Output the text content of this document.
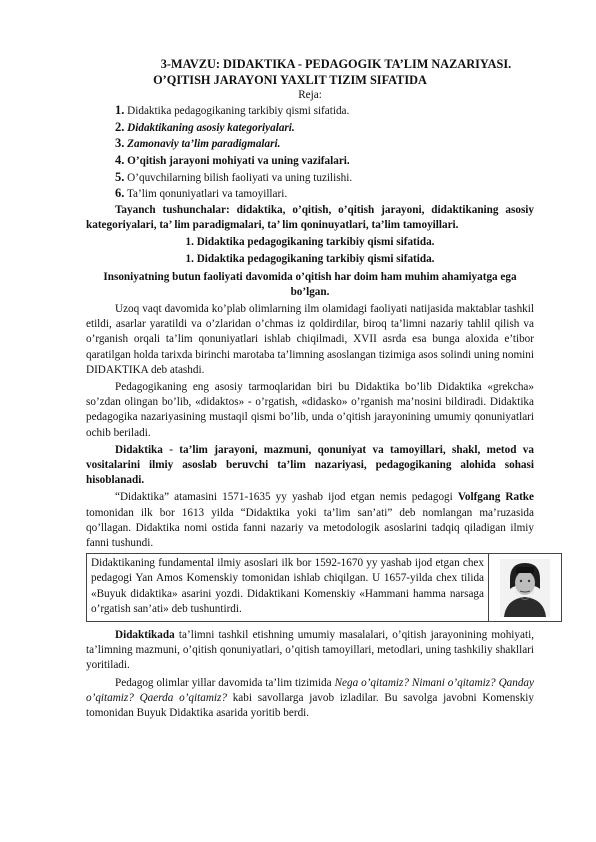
3-MAVZU: DIDAKTIKA - PEDAGOGIK TA’LIM NAZARIYASI.
O’QITISH JARAYONI YAXLIT TIZIM SIFATIDA
Reja:
1. Didaktika pedagogikaning tarkibiy qismi sifatida.
2. Didaktikaning asosiy kategoriyalari.
3. Zamonaviy ta’lim paradigmalari.
4. O’qitish jarayoni mohiyati va uning vazifalari.
5. O’quvchilarning bilish faoliyati va uning tuzilishi.
6. Ta’lim qonuniyatlari va tamoyillari.

Tayanch tushunchalar: didaktika, o’qitish, o’qitish jarayoni, didaktikaning asosiy kategoriyalari, ta’ lim paradigmalari, ta’ lim qoninuyatlari, ta’lim tamoyillari.

1. Didaktika pedagogikaning tarkibiy qismi sifatida.
1. Didaktika pedagogikaning tarkibiy qismi sifatida.
Insoniyatning butun faoliyati davomida o’qitish har doim ham muhim ahamiyatga ega bo’lgan.

Uzoq vaqt davomida ko’plab olimlarning ilm olamidagi faoliyati natijasida maktablar tashkil etildi, asarlar yaratildi va o’zlaridan o’chmas iz qoldirdilar, biroq ta’limni nazariy tahlil qilish va o’rganish orqali ta’lim qonuniyatlari ishlab chiqilmadi, XVII asrda esa bunga aloxida e’tibor qaratilgan holda tarixda birinchi marotaba ta’limning asoslangan tizimiga asos solindi uning nomini DIDAKTIKA deb atashdi.

Pedagogikaning eng asosiy tarmoqlaridan biri bu Didaktika bo’lib Didaktika «grekcha» so’zdan olingan bo’lib, «didaktos» - o’rgatish, «didasko» o’rganish ma’nosini bildiradi. Didaktika pedagogika nazariyasining mustaqil qismi bo’lib, unda o’qitish jarayonining umumiy qonuniyatlari ochib beriladi.

Didaktika - ta’lim jarayoni, mazmuni, qonuniyat va tamoyillari, shakl, metod va vositalarini ilmiy asoslab beruvchi ta’lim nazariyasi, pedagogikaning alohida sohasi hisoblanadi.

“Didaktika” atamasini 1571-1635 yy yashab ijod etgan nemis pedagogi Volfgang Ratke tomonidan ilk bor 1613 yilda “Didaktika yoki ta’lim san’ati” deb nomlangan ma’ruzasida qo’llagan. Didaktika nomi ostida fanni nazariy va metodologik asoslarini tadqiq qiladigan ilmiy fanni tushundi.

Didaktikaning fundamental ilmiy asoslari ilk bor 1592-1670 yy yashab ijod etgan chex pedagogi Yan Amos Komenskiy tomonidan ishlab chiqilgan. U 1657-yilda chex tilida «Buyuk didaktika» asarini yozdi. Didaktikani Komenskiy «Hammani hamma narsaga o’rgatish san’ati» deb tushuntirdi.

Didaktikada ta’limni tashkil etishning umumiy masalalari, o’qitish jarayonining mohiyati, ta’limning mazmuni, o’qitish qonuniyatlari, o’qitish tamoyillari, metodlari, uning tashkiliy shakllari yoritiladi.

Pedagog olimlar yillar davomida ta’lim tizimida Nega o’qitamiz? Nimani o’qitamiz? Qanday o’qitamiz? Qaerda o’qitamiz? kabi savollarga javob izladilar. Bu savolga javobni Komenskiy tomonidan Buyuk Didaktika asarida yoritib berdi.
